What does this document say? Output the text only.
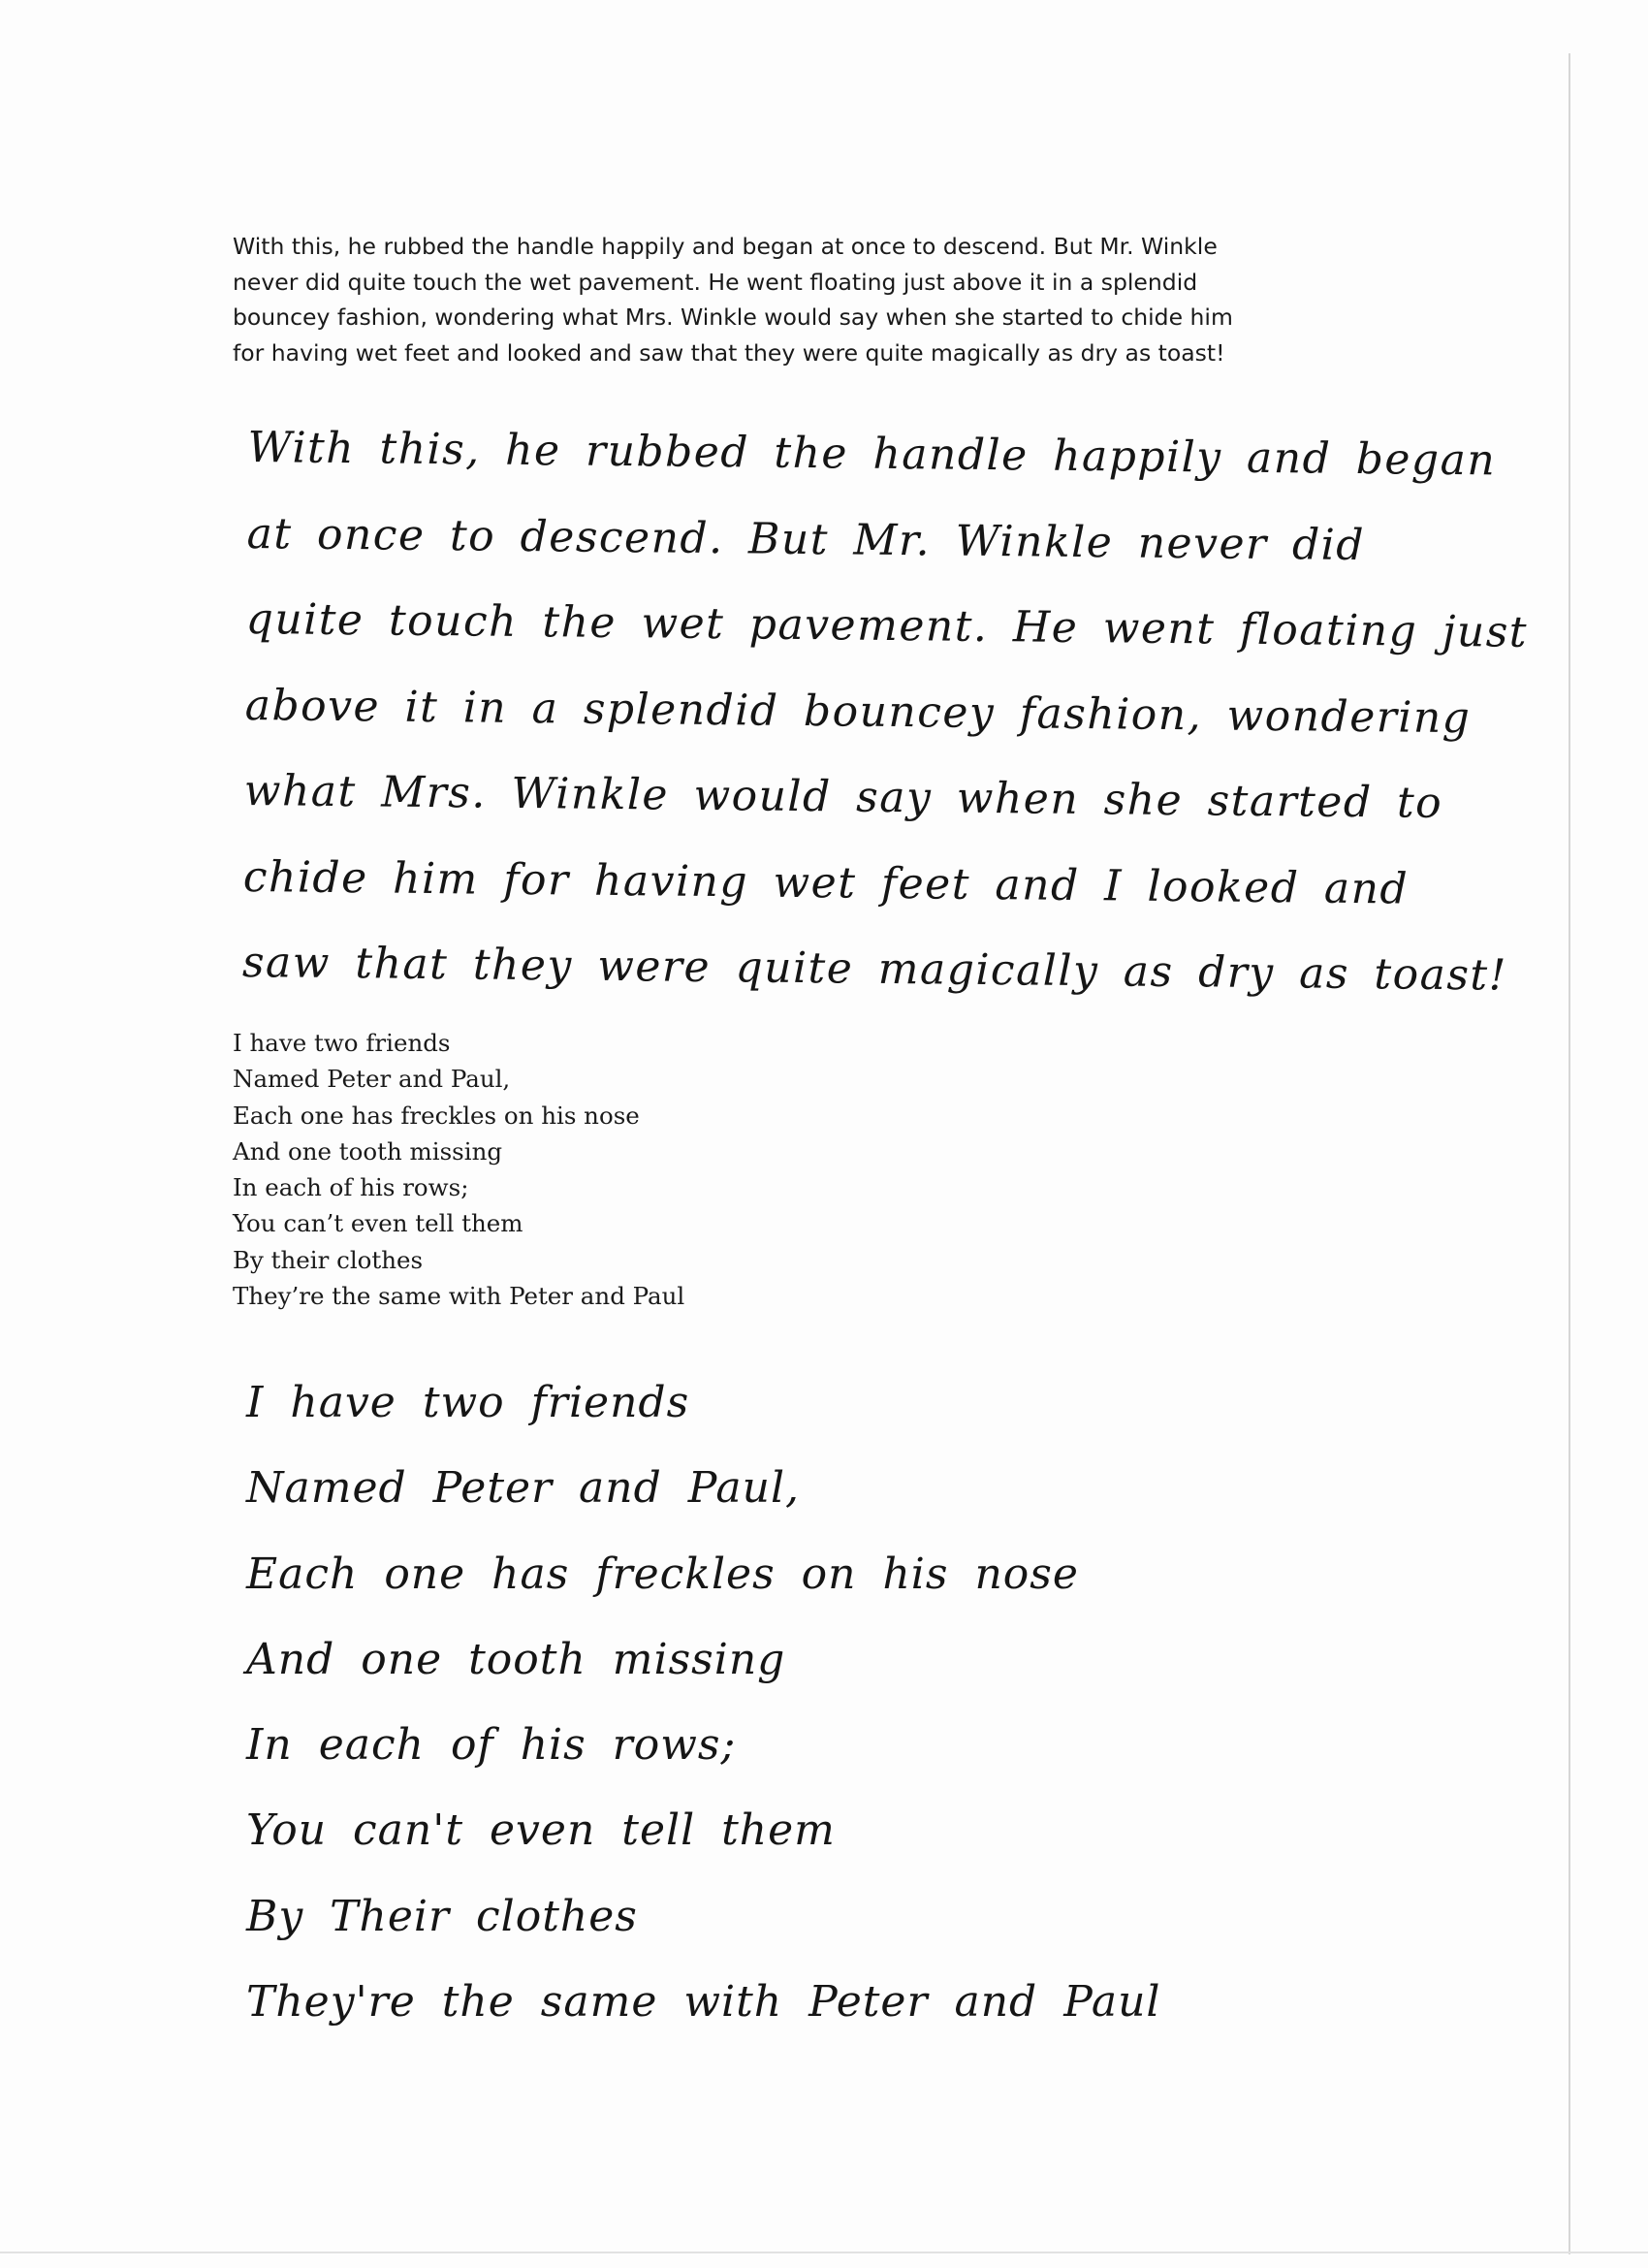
With this, he rubbed the handle happily and began at once to descend. But Mr. Winkle
never did quite touch the wet pavement. He went floating just above it in a splendid
bouncey fashion, wondering what Mrs. Winkle would say when she started to chide him
for having wet feet and looked and saw that they were quite magically as dry as toast!
With this, he rubbed the handle happily and began
at once to descend. But Mr. Winkle never did
quite touch the wet pavement. He went floating just
above it in a splendid bouncey fashion, wondering
what Mrs. Winkle would say when she started to
chide him for having wet feet and I looked and
saw that they were quite magically as dry as toast!
I have two friends
Named Peter and Paul,
Each one has freckles on his nose
And one tooth missing
In each of his rows;
You can’t even tell them
By their clothes
They’re the same with Peter and Paul
I have two friends
Named Peter and Paul,
Each one has freckles on his nose
And one tooth missing
In each of his rows;
You can't even tell them
By Their clothes
They're the same with Peter and Paul
